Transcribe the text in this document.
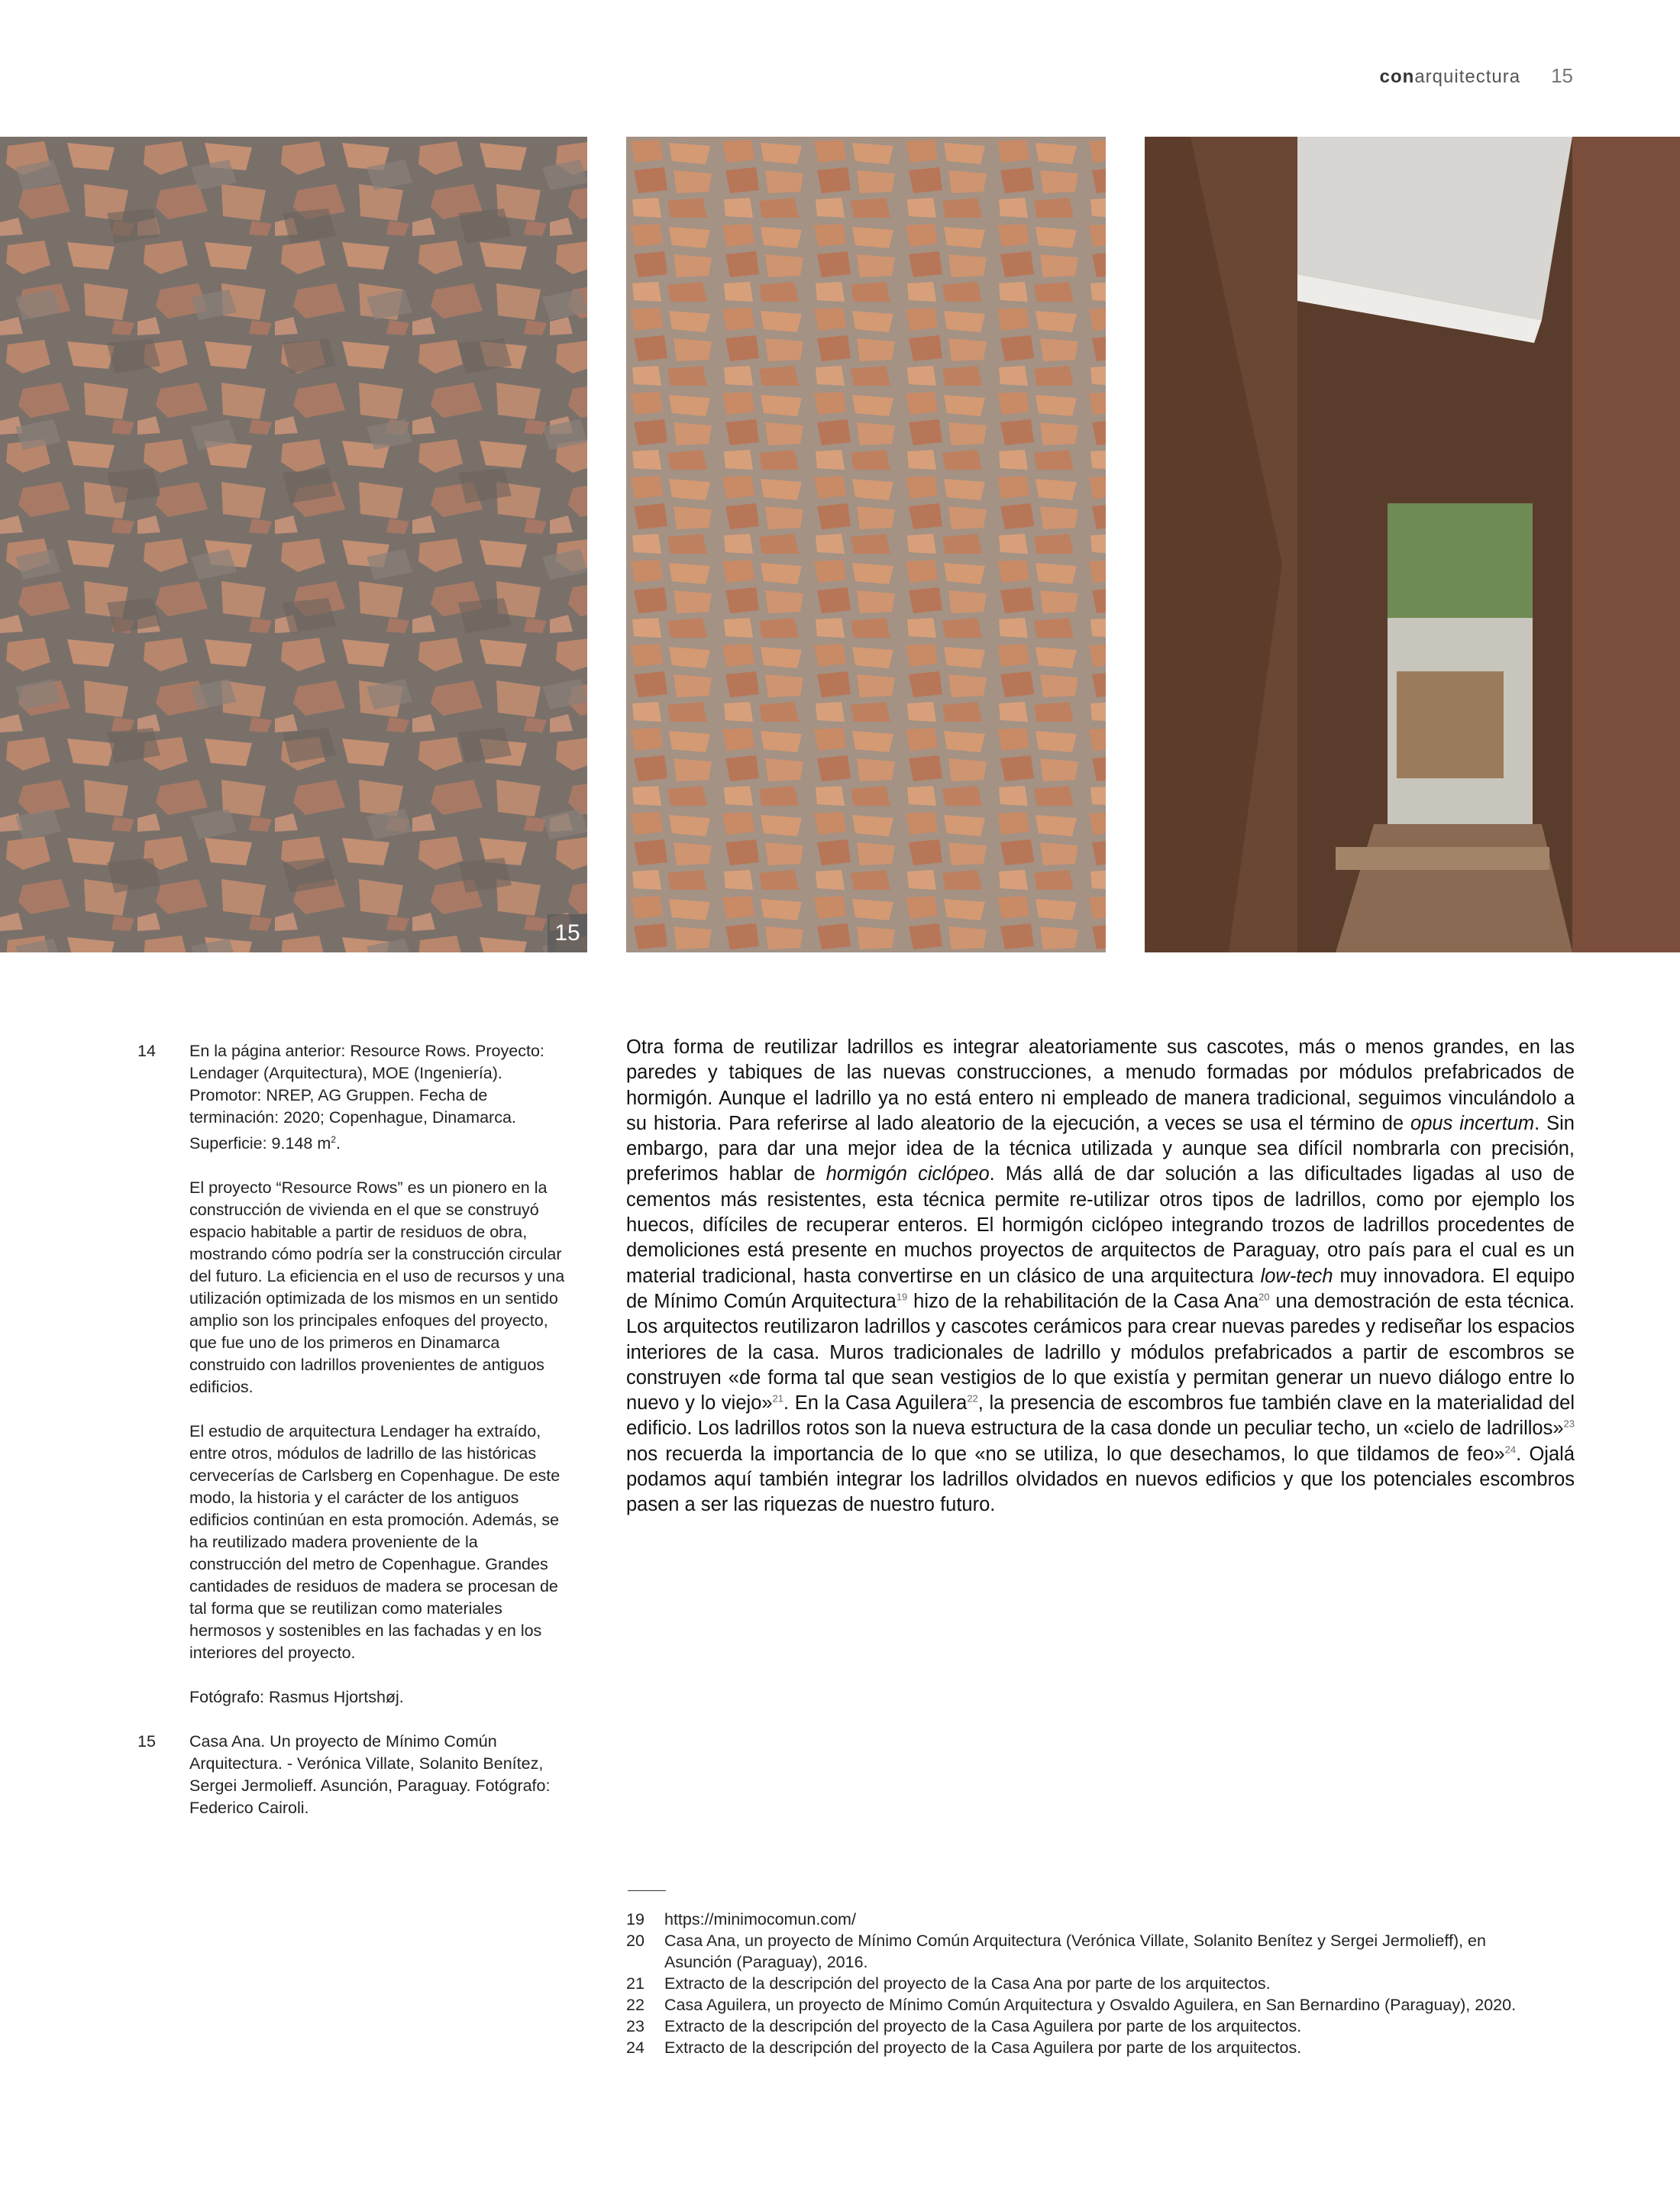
conarquitectura 15
15
14 En la página anterior: Resource Rows. Proyecto: Lendager (Arquitectura), MOE (Ingeniería). Promotor: NREP, AG Gruppen. Fecha de terminación: 2020; Copenhague, Dinamarca. Superficie: 9.148 $m^2$.

El proyecto “Resource Rows” es un pionero en la construcción de vivienda en el que se construyó espacio habitable a partir de residuos de obra, mostrando cómo podría ser la construcción circular del futuro. La eficiencia en el uso de recursos y una utilización optimizada de los mismos en un sentido amplio son los principales enfoques del proyecto, que fue uno de los primeros en Dinamarca construido con ladrillos provenientes de antiguos edificios.

El estudio de arquitectura Lendager ha extraído, entre otros, módulos de ladrillo de las históricas cervecerías de Carlsberg en Copenhague. De este modo, la historia y el carácter de los antiguos edificios continúan en esta promoción. Además, se ha reutilizado madera proveniente de la construcción del metro de Copenhague. Grandes cantidades de residuos de madera se procesan de tal forma que se reutilizan como materiales hermosos y sostenibles en las fachadas y en los interiores del proyecto.

Fotógrafo: Rasmus Hjortshøj.

15 Casa Ana. Un proyecto de Mínimo Común Arquitectura. - Verónica Villate, Solanito Benítez, Sergei Jermolieff. Asunción, Paraguay. Fotógrafo: Federico Cairoli.

Otra forma de reutilizar ladrillos es integrar aleatoriamente sus cascotes, más o menos grandes, en las paredes y tabiques de las nuevas construcciones, a menudo formadas por módulos prefabricados de hormigón. Aunque el ladrillo ya no está entero ni empleado de manera tradicional, seguimos vinculándolo a su historia. Para referirse al lado aleatorio de la ejecución, a veces se usa el término de opus incertum. Sin embargo, para dar una mejor idea de la técnica utilizada y aunque sea difícil nombrarla con precisión, preferimos hablar de hormigón ciclópeo. Más allá de dar solución a las dificultades ligadas al uso de cementos más resistentes, esta técnica permite re-utilizar otros tipos de ladrillos, como por ejemplo los huecos, difíciles de recuperar enteros. El hormigón ciclópeo integrando trozos de ladrillos procedentes de demoliciones está presente en muchos proyectos de arquitectos de Paraguay, otro país para el cual es un material tradicional, hasta convertirse en un clásico de una arquitectura low-tech muy innovadora. El equipo de Mínimo Común Arquitectura$^{19}$ hizo de la rehabilitación de la Casa Ana$^{20}$ una demostración de esta técnica. Los arquitectos reutilizaron ladrillos y cascotes cerámicos para crear nuevas paredes y rediseñar los espacios interiores de la casa. Muros tradicionales de ladrillo y módulos prefabricados a partir de escombros se construyen «de forma tal que sean vestigios de lo que existía y permitan generar un nuevo diálogo entre lo nuevo y lo viejo»$^{21}$. En la Casa Aguilera$^{22}$, la presencia de escombros fue también clave en la materialidad del edificio. Los ladrillos rotos son la nueva estructura de la casa donde un peculiar techo, un «cielo de ladrillos»$^{23}$ nos recuerda la importancia de lo que «no se utiliza, lo que desechamos, lo que tildamos de feo»$^{24}$. Ojalá podamos aquí también integrar los ladrillos olvidados en nuevos edificios y que los potenciales escombros pasen a ser las riquezas de nuestro futuro.

19	https://minimocomun.com/
20	Casa Ana, un proyecto de Mínimo Común Arquitectura (Verónica Villate, Solanito Benítez y Sergei Jermolieff), en Asunción (Paraguay), 2016.
21	Extracto de la descripción del proyecto de la Casa Ana por parte de los arquitectos.
22	Casa Aguilera, un proyecto de Mínimo Común Arquitectura y Osvaldo Aguilera, en San Bernardino (Paraguay), 2020.
23	Extracto de la descripción del proyecto de la Casa Aguilera por parte de los arquitectos.
24	Extracto de la descripción del proyecto de la Casa Aguilera por parte de los arquitectos.
